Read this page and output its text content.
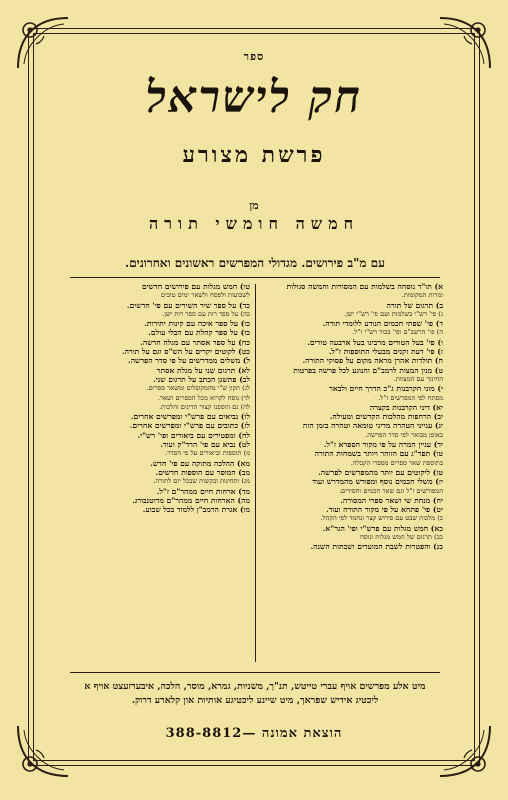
ספר
חק לישראל
פרשת מצורע
מן
חמשה חומשי תורה
עם מ"ב פירושים. מגדולי המפרשים ראשונים ואחרונים.
א) תו"ד נוסחה בשלמות עם המסורות וחמשה סגולות
ומרות המקומות.
ב) תרגום של תורה
ג) פי' רש"י בשלמות ועם פי' רש"י ישן.
ד) פי' שפתי חכמים הנודע ללומדי תורה.
ה) פי' הרשב"ם ופי' בכור רש"י ז"ל.
ו) פי' בעל הטורים מרבינו בעל ארבעה טורים.
ז) פי' דעת זקנים מבעלי התוספות ז"ל.
ח) תולדות אהרן מראה מקום על פסוקי התורה.
ט) מנין המצות לרמב"ם והנוגע לכל פרשה בפרטות
החינוך עם המצוות.
י) מוני הקרבנות ג"כ הדרך חיים ולבאר
מפתח לפי המפרשים ז"ל.
יא) דיני הקרבנות בקצרה
יב) הרחפות מהלכות הקדשים ומעילה.
יג) ענייני הטהרה מדיני טומאה וטהרה בזמן הזה
באופן מבואר לפי סדר הפרשה.
יד) עניין המרה על פי מקור הספרא ז"ל.
טו) תפר"ג עם הזוהר ויותר בשמחות התורה
בתוספת שאר ספרים מספרי הקבלה.
טז) ליקוטים עם יותר מהמפרשים לפרשה.
יז) משלי חכמים נוסף ומפורש מהמדרש ועוד
המפורשים ז"ל וגם שאר חכמים וחסידים.
יח) מנחת שי ושאר ספרי המסורה.
יט) פי' פתחא על פי מקור התורה ועוד.
כ) מלכות שבט עם פירוש קצר ונחמד לפי הקהל.
כא) חמש מגלות עם פרש"י ופי' הגר"א.
כב) תרגום של חמש מגלות ונוסח
כג) והפטרות לשבת המועדים ושבתות השנה.
טו) חמש מגלות עם פירושים חדשים
לשבועות ולפסח ולשאר ימים טובים
כד) על ספר שיר השירים עם פי' חדשים.
כה) על ספר רות עם ספר רות ישן.
כו) על ספר איכה עם קינות יתירות.
כז) על ספר קהלת עם הבלי עולם.
כח) על ספר אסתר עם מגלה חדשה.
כט) לקוטים יקרים על הש"ס וגם על תורה.
ל) משלים ממדרשים על פי סדר הפרשה.
לא) תרגום שני על מגלת אסתר
לב) פתשגן הכתב על תרגום שני.
לג) תקון ש"י מהמקובלים ומשאר ספרים.
לד) נוסח לקרוא מכל הספרים ושאר.
לה) גם הוספנו קצור הדינים והלכות.
לו) נביאים עם פרש"י ומפרשים אחרים.
לז) כתובים עם פרש"י ומפרשים אחרים.
לח) ומפטירים עם ביאורים ופי' רש"י.
לט) נביא עם פי' הרד"ק ועוד.
מ) תוספות וביאורים על פי הסדר.
מא) ההלכה מתוקה עם פי' חדש.
מב) המוסר עם הוספות חדשים.
מג) ותחינות ובקשות שבכל יום לתורה.
מד) ארחות חיים ממהר"ם ז"ל.
מה) הארחות חיים ממהר"ם מרוטנבורג.
מו) אגרת הרמב"ן ללמוד בכל שבוע.
מיט אלע מפרשים אויף עברי טייטש, תנ"ך, משניות, גמרא, מוסר, הלכה, איבערזעצט אויף א ליכטיג אידיש שפראך, מיט שיינע ליכטיגע אותיות און קלארע דרוק.
הוצאת אמונה —388-8812
